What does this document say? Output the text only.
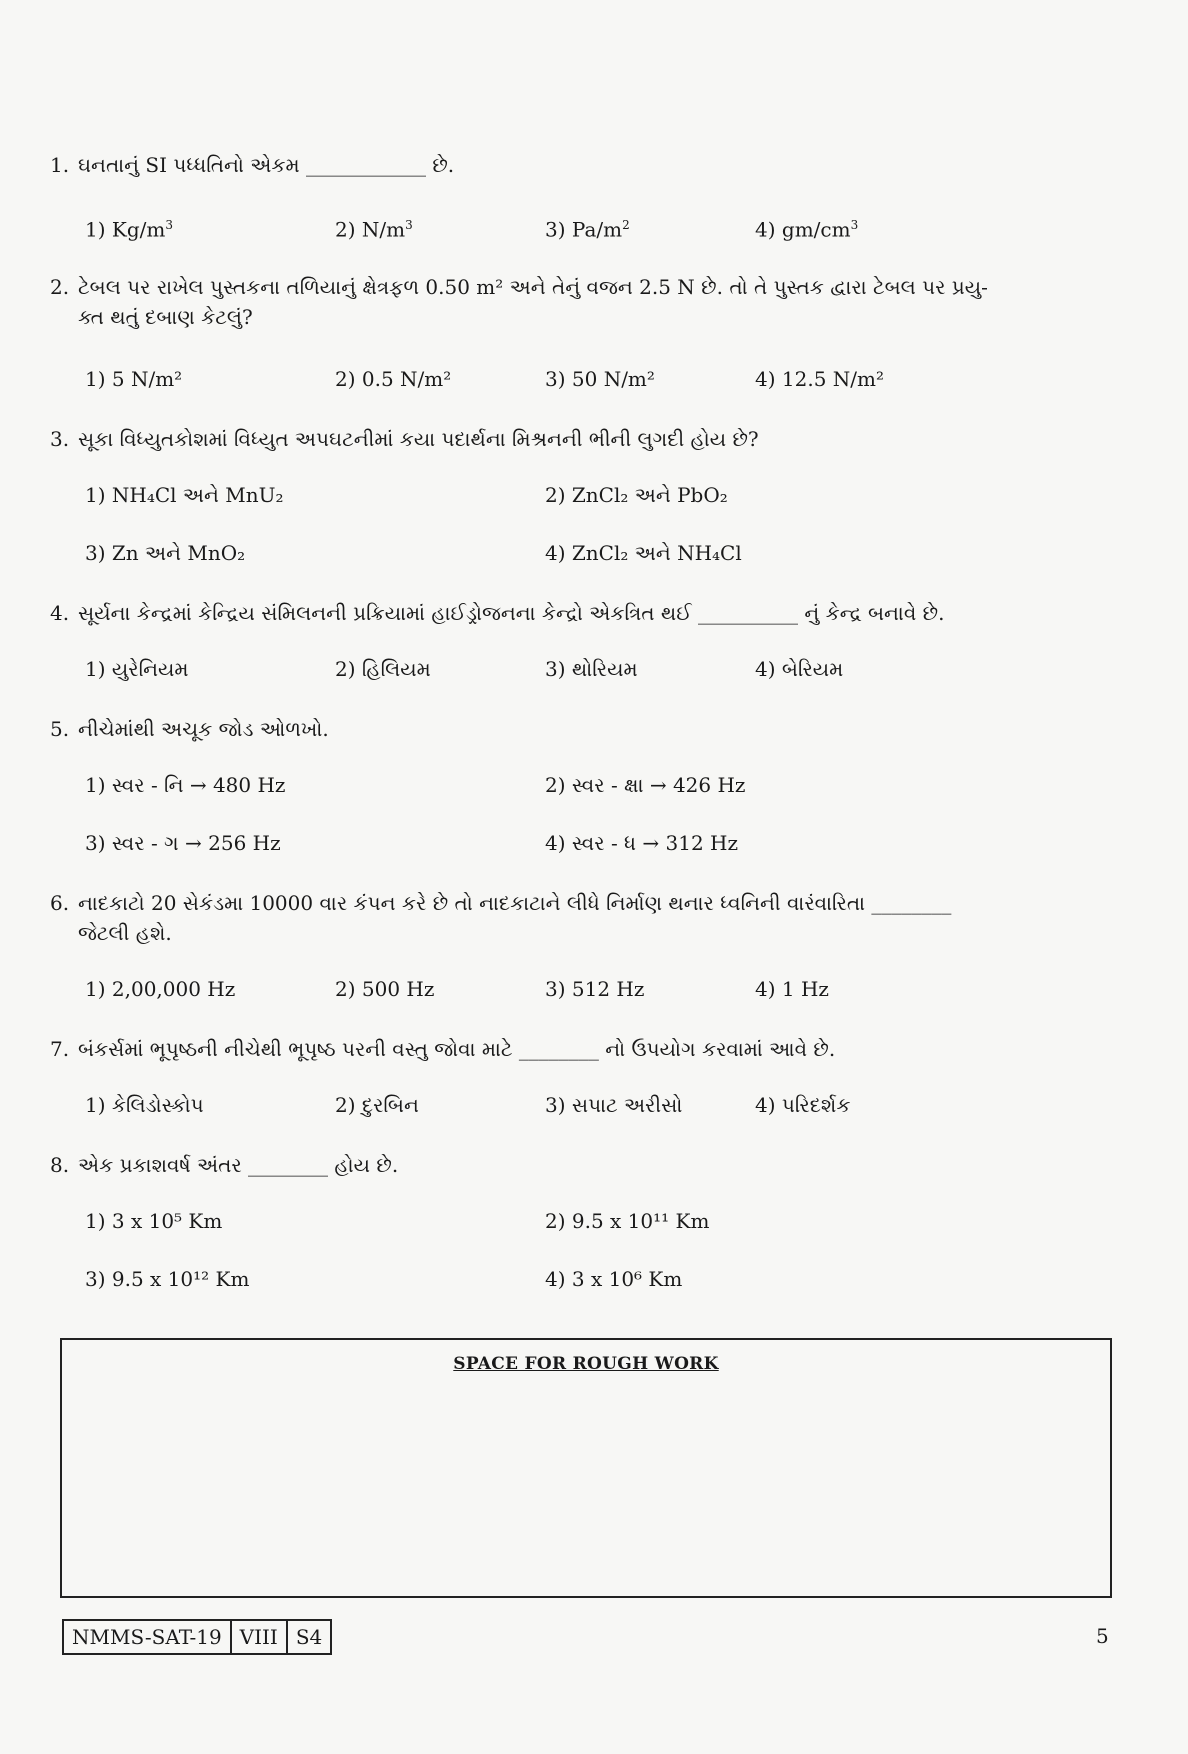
1. ઘનતાનું SI પધ્ધતિનો એકમ ____________ છે.
1) $Kg/m^3$	2) $N/m^3$	3) $Pa/m^2$	4) $gm/cm^3$
2. ટેબલ પર રાખેલ પુસ્તકના તળિયાનું ક્ષેત્રફળ 0.50 m² અને તેનું વજન 2.5 N છે. તો તે પુસ્તક દ્વારા ટેબલ પર પ્રયુ-
ક્ત થતું દબાણ કેટલું?
1) 5 N/m²	2) 0.5 N/m²	3) 50 N/m²	4) 12.5 N/m²
3. સૂકા વિધ્યુતકોશમાં વિધ્યુત અપઘટનીમાં કયા પદાર્થના મિશ્રનની ભીની લુગદી હોય છે?
1) NH₄Cl અને MnU₂	2) ZnCl₂ અને PbO₂
3) Zn અને MnO₂	4) ZnCl₂ અને NH₄Cl
4. સૂર્યના કેન્દ્રમાં કેન્દ્રિય સંમિલનની પ્રક્રિયામાં હાઈડ્રોજનના કેન્દ્રો એકત્રિત થઈ __________ નું કેન્દ્ર બનાવે છે.
1) યુરેનિયમ	2) હિલિયમ	3) થોરિયમ	4) બેરિયમ
5. નીચેમાંથી અચૂક જોડ ઓળખો.
1) સ્વર - નિ → 480 Hz	2) સ્વર - ક્ષા → 426 Hz
3) સ્વર - ગ → 256 Hz	4) સ્વર - ધ → 312 Hz
6. નાદકાટો 20 સેકંડમા 10000 વાર કંપન કરે છે તો નાદકાટાને લીધે નિર્માણ થનાર ધ્વનિની વારંવારિતા ________
જેટલી હશે.
1) 2,00,000 Hz	2) 500 Hz	3) 512 Hz	4) 1 Hz
7. બંકર્સમાં ભૂપૃષ્ઠની નીચેથી ભૂપૃષ્ઠ પરની વસ્તુ જોવા માટે ________ નો ઉપયોગ કરવામાં આવે છે.
1) કેલિડોસ્કોપ	2) દુરબિન	3) સપાટ અરીસો	4) પરિદર્શક
8. એક પ્રકાશવર્ષ અંતર ________ હોય છે.
1) 3 x 10⁵ Km	2) 9.5 x 10¹¹ Km
3) 9.5 x 10¹² Km	4) 3 x 10⁶ Km
SPACE FOR ROUGH WORK
NMMS-SAT-19 VIII S4	5
